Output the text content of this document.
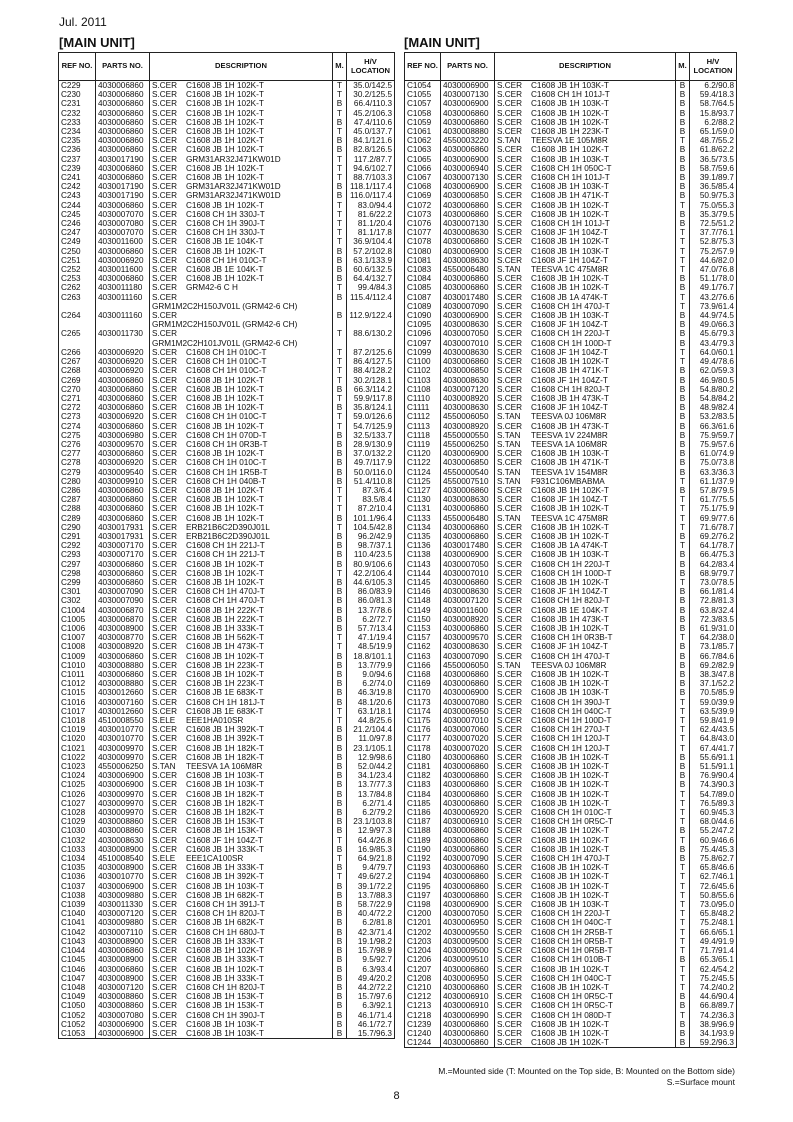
Jul. 2011
[MAIN UNIT]	[MAIN UNIT]
REF NO.	PARTS NO.	DESCRIPTION	M.	H/V LOCATION
C229	4030006860	S.CER C1608 JB 1H 102K-T	T	35.0/142.5
C230	4030006860	S.CER C1608 JB 1H 102K-T	T	30.2/125.5
C231	4030006860	S.CER C1608 JB 1H 102K-T	B	66.4/110.3
C232	4030006860	S.CER C1608 JB 1H 102K-T	T	45.2/106.3
C233	4030006860	S.CER C1608 JB 1H 102K-T	B	47.4/110.6
C234	4030006860	S.CER C1608 JB 1H 102K-T	T	45.0/137.7
C235	4030006860	S.CER C1608 JB 1H 102K-T	B	84.1/121.6
C236	4030006860	S.CER C1608 JB 1H 102K-T	B	82.8/126.5
C237	4030017190	S.CER GRM31AR32J471KW01D	T	117.2/87.7
C239	4030006860	S.CER C1608 JB 1H 102K-T	T	94.6/102.7
C241	4030006860	S.CER C1608 JB 1H 102K-T	T	88.7/103.3
C242	4030017190	S.CER GRM31AR32J471KW01D	B	118.1/117.4
C243	4030017190	S.CER GRM31AR32J471KW01D	B	116.0/117.4
C244	4030006860	S.CER C1608 JB 1H 102K-T	T	83.0/94.4
C245	4030007070	S.CER C1608 CH 1H 330J-T	T	81.6/22.2
C246	4030007080	S.CER C1608 CH 1H 390J-T	T	81.1/20.4
C247	4030007070	S.CER C1608 CH 1H 330J-T	T	81.1/17.8
C249	4030011600	S.CER C1608 JB 1E 104K-T	T	36.9/104.4
C250	4030006860	S.CER C1608 JB 1H 102K-T	B	57.2/102.8
C251	4030006920	S.CER C1608 CH 1H 010C-T	B	63.1/133.9
C252	4030011600	S.CER C1608 JB 1E 104K-T	B	60.6/132.5
C253	4030006860	S.CER C1608 JB 1H 102K-T	B	64.4/132.7
C262	4030011180	S.CER GRM42-6 C H	T	99.4/84.3
C263	4030011160	S.CERGRM1M2C2H150JV01L (GRM42-6 CH)	B	115.4/112.4
C264	4030011160	S.CERGRM1M2C2H150JV01L (GRM42-6 CH)	B	112.9/122.4
C265	4030011730	S.CERGRM1M2C2H101JV01L (GRM42-6 CH)	T	88.6/130.2
C266	4030006920	S.CER C1608 CH 1H 010C-T	T	87.2/125.6
C267	4030006920	S.CER C1608 CH 1H 010C-T	T	86.4/127.5
C268	4030006920	S.CER C1608 CH 1H 010C-T	T	88.4/128.2
C269	4030006860	S.CER C1608 JB 1H 102K-T	T	30.2/128.1
C270	4030006860	S.CER C1608 JB 1H 102K-T	B	66.3/114.2
C271	4030006860	S.CER C1608 JB 1H 102K-T	T	59.9/117.8
C272	4030006860	S.CER C1608 JB 1H 102K-T	B	35.8/124.1
C273	4030006920	S.CER C1608 CH 1H 010C-T	T	59.0/126.6
C274	4030006860	S.CER C1608 JB 1H 102K-T	T	54.7/125.9
C275	4030006980	S.CER C1608 CH 1H 070D-T	B	32.5/133.7
C276	4030009570	S.CER C1608 CH 1H 0R3B-T	B	28.9/130.9
C277	4030006860	S.CER C1608 JB 1H 102K-T	B	37.0/132.2
C278	4030006920	S.CER C1608 CH 1H 010C-T	B	49.7/117.9
C279	4030009540	S.CER C1608 CH 1H 1R5B-T	B	50.0/116.0
C280	4030009910	S.CER C1608 CH 1H 040B-T	B	51.4/110.8
C286	4030006860	S.CER C1608 JB 1H 102K-T	T	87.3/6.4
C287	4030006860	S.CER C1608 JB 1H 102K-T	T	83.5/8.4
C288	4030006860	S.CER C1608 JB 1H 102K-T	T	87.2/10.4
C289	4030006860	S.CER C1608 JB 1H 102K-T	B	101.1/96.4
C290	4030017931	S.CER ERB21B6C2D390J01L	T	104.5/42.8
C291	4030017931	S.CER ERB21B6C2D390J01L	B	96.2/42.9
C292	4030007170	S.CER C1608 CH 1H 221J-T	B	98.7/37.1
C293	4030007170	S.CER C1608 CH 1H 221J-T	B	110.4/23.5
C297	4030006860	S.CER C1608 JB 1H 102K-T	B	80.9/106.6
C298	4030006860	S.CER C1608 JB 1H 102K-T	T	42.2/106.4
C299	4030006860	S.CER C1608 JB 1H 102K-T	B	44.6/105.3
C301	4030007090	S.CER C1608 CH 1H 470J-T	B	86.0/83.9
C302	4030007090	S.CER C1608 CH 1H 470J-T	B	86.0/81.3
C1004	4030006870	S.CER C1608 JB 1H 222K-T	B	13.7/78.6
C1005	4030006870	S.CER C1608 JB 1H 222K-T	B	6.2/72.7
C1006	4030008900	S.CER C1608 JB 1H 333K-T	B	57.7/13.4
C1007	4030008770	S.CER C1608 JB 1H 562K-T	T	47.1/19.4
C1008	4030008920	S.CER C1608 JB 1H 473K-T	T	48.5/19.9
C1009	4030006860	S.CER C1608 JB 1H 102K-T	B	18.8/101.1
C1010	4030008880	S.CER C1608 JB 1H 223K-T	B	13.7/79.9
C1011	4030006860	S.CER C1608 JB 1H 102K-T	B	9.0/94.6
C1012	4030008880	S.CER C1608 JB 1H 223K-T	B	6.2/74.0
C1015	4030012660	S.CER C1608 JB 1E 683K-T	B	46.3/19.8
C1016	4030007160	S.CER C1608 CH 1H 181J-T	B	48.1/20.6
C1017	4030012660	S.CER C1608 JB 1E 683K-T	T	63.1/18.1
C1018	4510008550	S.ELE EEE1HA010SR	T	44.8/25.6
C1019	4030010770	S.CER C1608 JB 1H 392K-T	B	21.2/104.4
C1020	4030010770	S.CER C1608 JB 1H 392K-T	B	11.0/97.8
C1021	4030009970	S.CER C1608 JB 1H 182K-T	B	23.1/105.1
C1022	4030009970	S.CER C1608 JB 1H 182K-T	B	12.9/98.6
C1023	4550006250	S.TAN TEESVA 1A 106M8R	B	52.0/44.2
C1024	4030006900	S.CER C1608 JB 1H 103K-T	B	34.1/23.4
C1025	4030006900	S.CER C1608 JB 1H 103K-T	B	13.7/77.3
C1026	4030009970	S.CER C1608 JB 1H 182K-T	B	13.7/84.8
C1027	4030009970	S.CER C1608 JB 1H 182K-T	B	6.2/71.4
C1028	4030009970	S.CER C1608 JB 1H 182K-T	B	6.2/79.2
C1029	4030008860	S.CER C1608 JB 1H 153K-T	B	23.1/103.8
C1030	4030008860	S.CER C1608 JB 1H 153K-T	B	12.9/97.3
C1032	4030008630	S.CER C1608 JF 1H 104Z-T	T	64.4/26.8
C1033	4030008900	S.CER C1608 JB 1H 333K-T	B	16.9/85.3
C1034	4510008540	S.ELE EEE1CA100SR	T	64.9/21.8
C1035	4030008900	S.CER C1608 JB 1H 333K-T	B	9.4/79.7
C1036	4030010770	S.CER C1608 JB 1H 392K-T	T	49.6/27.2
C1037	4030006900	S.CER C1608 JB 1H 103K-T	B	39.1/72.2
C1038	4030009880	S.CER C1608 JB 1H 682K-T	B	13.7/88.3
C1039	4030011330	S.CER C1608 CH 1H 391J-T	B	58.7/22.9
C1040	4030007120	S.CER C1608 CH 1H 820J-T	B	40.4/72.2
C1041	4030009880	S.CER C1608 JB 1H 682K-T	B	6.2/81.8
C1042	4030007110	S.CER C1608 CH 1H 680J-T	B	42.3/71.4
C1043	4030008900	S.CER C1608 JB 1H 333K-T	B	19.1/98.2
C1044	4030006860	S.CER C1608 JB 1H 102K-T	B	15.7/98.9
C1045	4030008900	S.CER C1608 JB 1H 333K-T	B	9.5/92.7
C1046	4030006860	S.CER C1608 JB 1H 102K-T	B	6.3/93.4
C1047	4030008900	S.CER C1608 JB 1H 333K-T	B	49.4/20.2
C1048	4030007120	S.CER C1608 CH 1H 820J-T	B	44.2/72.2
C1049	4030008860	S.CER C1608 JB 1H 153K-T	B	15.7/97.6
C1050	4030008860	S.CER C1608 JB 1H 153K-T	B	6.3/92.1
C1052	4030007080	S.CER C1608 CH 1H 390J-T	B	46.1/71.4
C1052	4030006900	S.CER C1608 JB 1H 103K-T	B	46.1/72.7
C1053	4030006900	S.CER C1608 JB 1H 103K-T	B	15.7/96.3
REF NO.	PARTS NO.	DESCRIPTION	M.	H/V LOCATION
C1054	4030006900	S.CER C1608 JB 1H 103K-T	B	6.2/90.8
C1055	4030007130	S.CER C1608 CH 1H 101J-T	B	59.4/18.3
C1057	4030006900	S.CER C1608 JB 1H 103K-T	B	58.7/64.5
C1058	4030006860	S.CER C1608 JB 1H 102K-T	B	15.8/93.7
C1059	4030006860	S.CER C1608 JB 1H 102K-T	B	6.2/88.2
C1061	4030008880	S.CER C1608 JB 1H 223K-T	B	65.1/59.0
C1062	4550003220	S.TAN TEESVA 1E 105M8R	T	48.7/55.2
C1063	4030006860	S.CER C1608 JB 1H 102K-T	B	61.8/62.2
C1065	4030006900	S.CER C1608 JB 1H 103K-T	B	36.5/73.5
C1066	4030006940	S.CER C1608 CH 1H 050C-T	B	58.7/59.6
C1067	4030007130	S.CER C1608 CH 1H 101J-T	B	39.1/89.7
C1068	4030006900	S.CER C1608 JB 1H 103K-T	B	36.5/85.4
C1069	4030006850	S.CER C1608 JB 1H 471K-T	B	50.9/75.3
C1072	4030006860	S.CER C1608 JB 1H 102K-T	T	75.0/55.3
C1073	4030006860	S.CER C1608 JB 1H 102K-T	B	35.3/79.5
C1076	4030007130	S.CER C1608 CH 1H 101J-T	B	72.5/51.2
C1077	4030008630	S.CER C1608 JF 1H 104Z-T	T	37.7/76.1
C1078	4030006860	S.CER C1608 JB 1H 102K-T	T	52.8/75.3
C1080	4030006900	S.CER C1608 JB 1H 103K-T	T	75.2/57.9
C1081	4030008630	S.CER C1608 JF 1H 104Z-T	T	44.6/82.0
C1083	4550006480	S.TAN TEESVA 1C 475M8R	T	47.0/76.8
C1084	4030006860	S.CER C1608 JB 1H 102K-T	B	51.1/78.0
C1085	4030006860	S.CER C1608 JB 1H 102K-T	B	49.1/76.7
C1087	4030017480	S.CER C1608 JB 1A 474K-T	T	43.2/76.6
C1089	4030007090	S.CER C1608 CH 1H 470J-T	T	73.9/61.4
C1090	4030006900	S.CER C1608 JB 1H 103K-T	B	44.9/74.5
C1095	4030008630	S.CER C1608 JF 1H 104Z-T	B	49.0/66.3
C1096	4030007050	S.CER C1608 CH 1H 220J-T	B	45.6/79.3
C1097	4030007010	S.CER C1608 CH 1H 100D-T	B	43.4/79.3
C1099	4030008630	S.CER C1608 JF 1H 104Z-T	T	64.0/60.1
C1100	4030006860	S.CER C1608 JB 1H 102K-T	T	49.4/78.6
C1102	4030006850	S.CER C1608 JB 1H 471K-T	B	62.0/59.3
C1103	4030008630	S.CER C1608 JF 1H 104Z-T	B	46.9/80.5
C1108	4030007120	S.CER C1608 CH 1H 820J-T	B	54.8/80.2
C1110	4030008920	S.CER C1608 JB 1H 473K-T	B	54.8/84.2
C1111	4030008630	S.CER C1608 JF 1H 104Z-T	B	48.9/82.4
C1112	4550006050	S.TAN TEESVA 0J 106M8R	B	53.2/83.5
C1113	4030008920	S.CER C1608 JB 1H 473K-T	B	66.3/61.6
C1118	4550000550	S.TAN TEESVA 1V 224M8R	B	75.9/59.7
C1119	4550006250	S.TAN TEESVA 1A 106M8R	B	75.9/57.6
C1120	4030006900	S.CER C1608 JB 1H 103K-T	B	61.0/74.9
C1122	4030006850	S.CER C1608 JB 1H 471K-T	B	75.0/73.8
C1124	4550000540	S.TAN TEESVA 1V 154M8R	B	63.3/36.3
C1125	4550007510	S.TAN F931C106MBABMA	T	61.1/37.9
C1127	4030006860	S.CER C1608 JB 1H 102K-T	B	57.8/79.5
C1130	4030008630	S.CER C1608 JF 1H 104Z-T	T	61.7/75.5
C1131	4030006860	S.CER C1608 JB 1H 102K-T	T	75.1/75.9
C1133	4550006480	S.TAN TEESVA 1C 475M8R	T	69.9/77.6
C1134	4030006860	S.CER C1608 JB 1H 102K-T	T	71.6/78.7
C1135	4030006860	S.CER C1608 JB 1H 102K-T	B	69.2/76.2
C1136	4030017480	S.CER C1608 JB 1A 474K-T	T	64.1/78.7
C1138	4030006900	S.CER C1608 JB 1H 103K-T	B	66.4/75.3
C1143	4030007050	S.CER C1608 CH 1H 220J-T	B	64.2/83.4
C1144	4030007010	S.CER C1608 CH 1H 100D-T	B	68.9/79.7
C1145	4030006860	S.CER C1608 JB 1H 102K-T	T	73.0/78.5
C1146	4030008630	S.CER C1608 JF 1H 104Z-T	B	66.1/81.4
C1148	4030007120	S.CER C1608 CH 1H 820J-T	B	72.8/81.3
C1149	4030011600	S.CER C1608 JB 1E 104K-T	B	63.8/32.4
C1150	4030008920	S.CER C1608 JB 1H 473K-T	B	72.3/83.5
C1153	4030006860	S.CER C1608 JB 1H 102K-T	B	61.9/31.0
C1157	4030009570	S.CER C1608 CH 1H 0R3B-T	T	64.2/38.0
C1162	4030008630	S.CER C1608 JF 1H 104Z-T	B	73.1/85.7
C1163	4030007090	S.CER C1608 CH 1H 470J-T	B	66.7/84.6
C1166	4550006050	S.TAN TEESVA 0J 106M8R	B	69.2/82.9
C1168	4030006860	S.CER C1608 JB 1H 102K-T	B	38.3/47.8
C1169	4030006860	S.CER C1608 JB 1H 102K-T	B	37.1/52.2
C1170	4030006900	S.CER C1608 JB 1H 103K-T	B	70.5/85.9
C1173	4030007080	S.CER C1608 CH 1H 390J-T	T	59.0/39.9
C1174	4030006950	S.CER C1608 CH 1H 040C-T	T	63.5/39.9
C1175	4030007010	S.CER C1608 CH 1H 100D-T	T	59.8/41.9
C1176	4030007060	S.CER C1608 CH 1H 270J-T	T	62.4/43.5
C1177	4030007020	S.CER C1608 CH 1H 120J-T	T	64.8/43.0
C1178	4030007020	S.CER C1608 CH 1H 120J-T	T	67.4/41.7
C1180	4030006860	S.CER C1608 JB 1H 102K-T	B	55.6/91.1
C1181	4030006860	S.CER C1608 JB 1H 102K-T	B	51.5/91.1
C1182	4030006860	S.CER C1608 JB 1H 102K-T	B	76.9/90.4
C1183	4030006860	S.CER C1608 JB 1H 102K-T	B	74.3/90.3
C1184	4030006860	S.CER C1608 JB 1H 102K-T	T	54.7/89.0
C1185	4030006860	S.CER C1608 JB 1H 102K-T	T	76.5/89.3
C1186	4030006920	S.CER C1608 CH 1H 010C-T	T	60.9/45.3
C1187	4030006910	S.CER C1608 CH 1H 0R5C-T	T	68.0/44.6
C1188	4030006860	S.CER C1608 JB 1H 102K-T	B	55.2/47.2
C1189	4030006860	S.CER C1608 JB 1H 102K-T	T	60.9/46.6
C1190	4030006860	S.CER C1608 JB 1H 102K-T	B	75.4/45.3
C1192	4030007090	S.CER C1608 CH 1H 470J-T	B	75.8/62.7
C1193	4030006860	S.CER C1608 JB 1H 102K-T	T	65.8/46.6
C1194	4030006860	S.CER C1608 JB 1H 102K-T	T	62.7/46.1
C1195	4030006860	S.CER C1608 JB 1H 102K-T	T	72.6/45.6
C1197	4030006860	S.CER C1608 JB 1H 102K-T	T	50.8/55.6
C1198	4030006900	S.CER C1608 JB 1H 103K-T	T	73.0/95.0
C1200	4030007050	S.CER C1608 CH 1H 220J-T	T	65.8/48.2
C1201	4030006950	S.CER C1608 CH 1H 040C-T	T	75.2/48.1
C1202	4030009550	S.CER C1608 CH 1H 2R5B-T	T	66.6/65.1
C1203	4030009500	S.CER C1608 CH 1H 0R5B-T	T	49.4/91.9
C1204	4030009500	S.CER C1608 CH 1H 0R5B-T	T	71.7/91.4
C1206	4030009510	S.CER C1608 CH 1H 010B-T	B	65.3/65.1
C1207	4030006860	S.CER C1608 JB 1H 102K-T	T	62.4/54.2
C1208	4030006950	S.CER C1608 CH 1H 040C-T	T	75.2/45.5
C1210	4030006860	S.CER C1608 JB 1H 102K-T	T	74.2/40.2
C1212	4030006910	S.CER C1608 CH 1H 0R5C-T	B	44.6/90.4
C1213	4030006910	S.CER C1608 CH 1H 0R5C-T	B	66.8/89.7
C1218	4030006990	S.CER C1608 CH 1H 080D-T	T	74.2/36.3
C1239	4030006860	S.CER C1608 JB 1H 102K-T	B	38.9/96.9
C1240	4030006860	S.CER C1608 JB 1H 102K-T	B	34.1/93.9
C1244	4030006860	S.CER C1608 JB 1H 102K-T	B	59.2/96.3
M.=Mounted side (T: Mounted on the Top side, B: Mounted on the Bottom side)
S.=Surface mount
8
